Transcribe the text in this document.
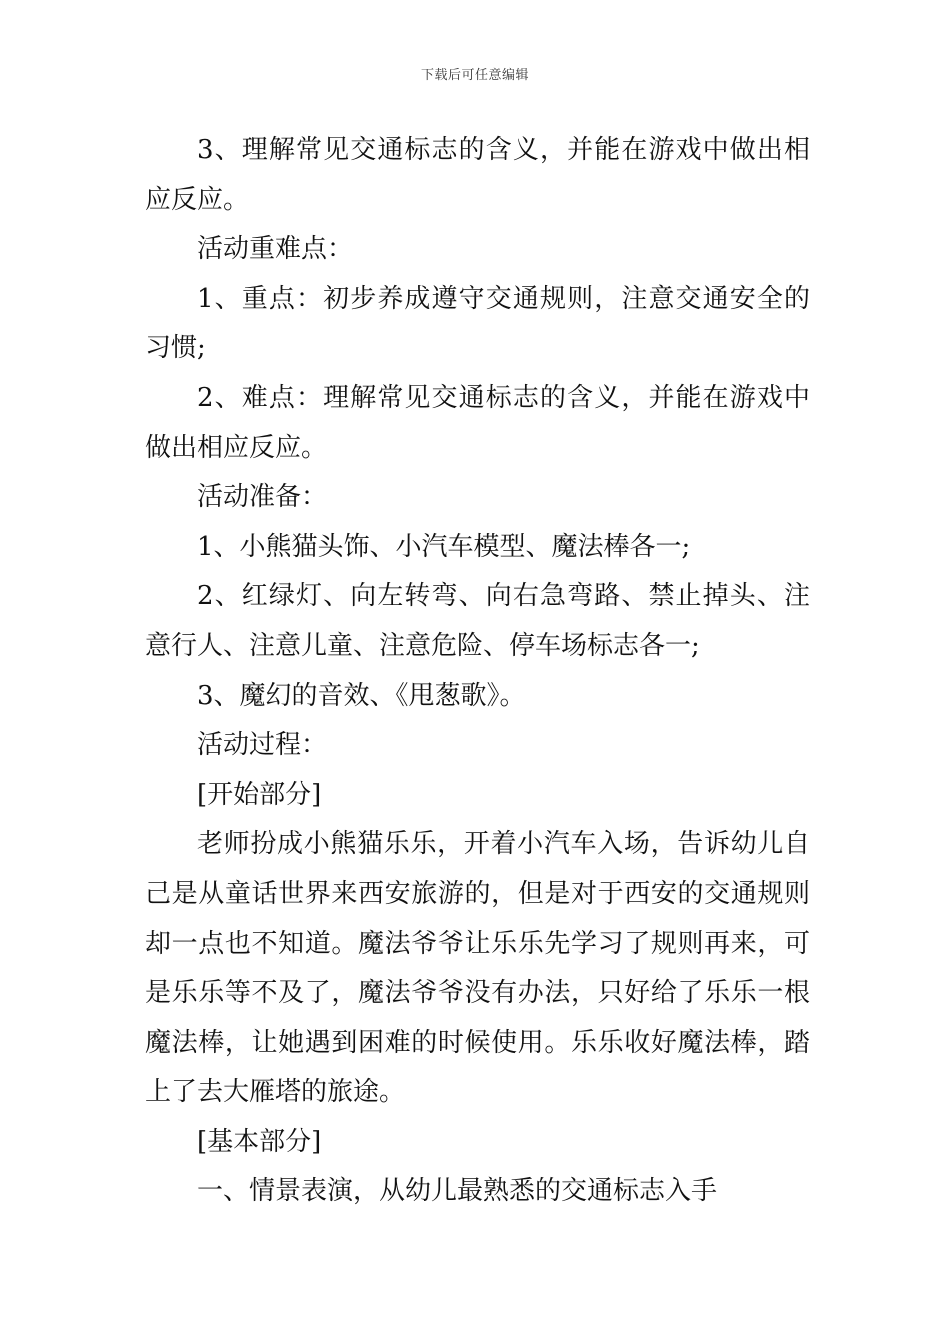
下载后可任意编辑

3、理解常见交通标志的含义，并能在游戏中做出相应反应。

活动重难点：

1、重点：初步养成遵守交通规则，注意交通安全的习惯;

2、难点：理解常见交通标志的含义，并能在游戏中做出相应反应。

活动准备：

1、小熊猫头饰、小汽车模型、魔法棒各一;

2、红绿灯、向左转弯、向右急弯路、禁止掉头、注意行人、注意儿童、注意危险、停车场标志各一;

3、魔幻的音效、《甩葱歌》。

活动过程：

[开始部分]

老师扮成小熊猫乐乐，开着小汽车入场，告诉幼儿自己是从童话世界来西安旅游的，但是对于西安的交通规则却一点也不知道。魔法爷爷让乐乐先学习了规则再来，可是乐乐等不及了，魔法爷爷没有办法，只好给了乐乐一根魔法棒，让她遇到困难的时候使用。乐乐收好魔法棒，踏上了去大雁塔的旅途。

[基本部分]

一、情景表演，从幼儿最熟悉的交通标志入手
